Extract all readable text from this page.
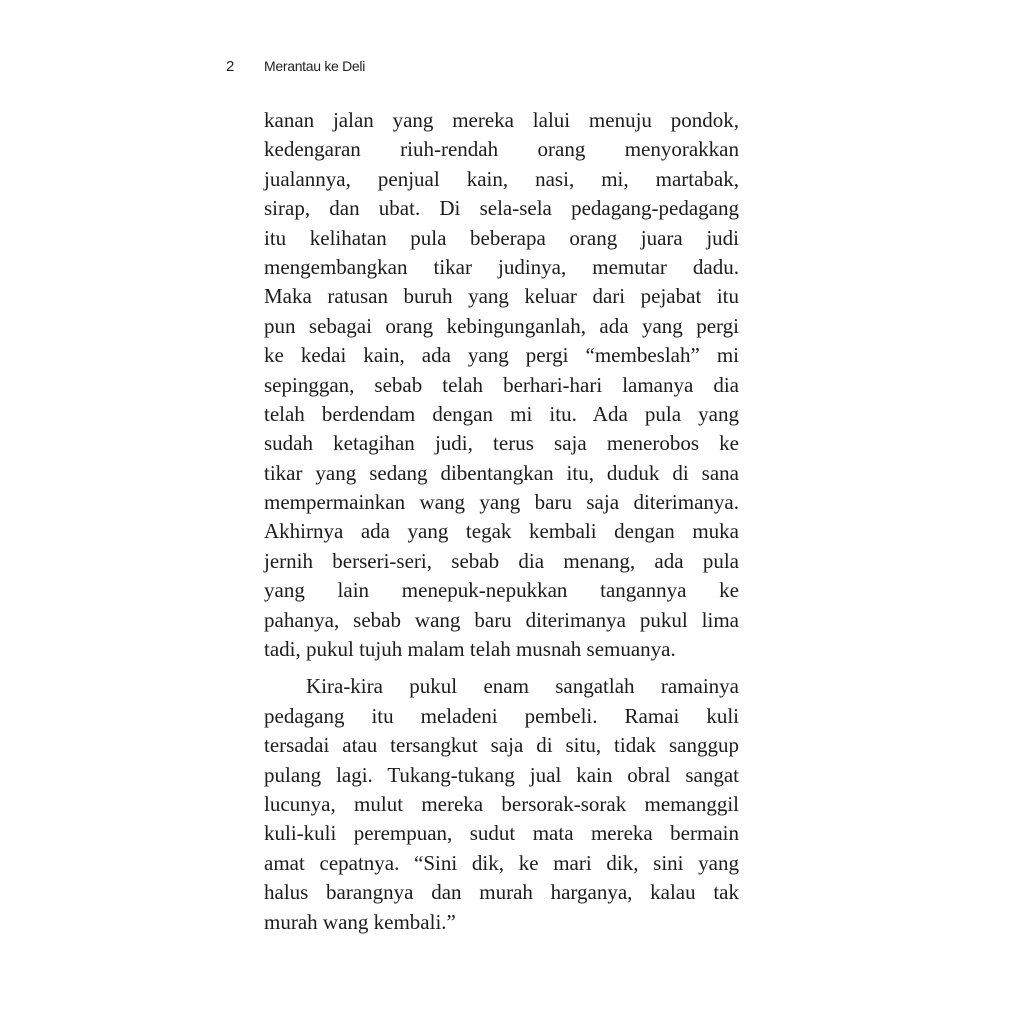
2 Merantau ke Deli
kanan jalan yang mereka lalui menuju pondok,
kedengaran riuh-rendah orang menyorakkan
jualannya, penjual kain, nasi, mi, martabak,
sirap, dan ubat. Di sela-sela pedagang-pedagang
itu kelihatan pula beberapa orang juara judi
mengembangkan tikar judinya, memutar dadu.
Maka ratusan buruh yang keluar dari pejabat itu
pun sebagai orang kebingunganlah, ada yang pergi
ke kedai kain, ada yang pergi “membeslah” mi
sepinggan, sebab telah berhari-hari lamanya dia
telah berdendam dengan mi itu. Ada pula yang
sudah ketagihan judi, terus saja menerobos ke
tikar yang sedang dibentangkan itu, duduk di sana
mempermainkan wang yang baru saja diterimanya.
Akhirnya ada yang tegak kembali dengan muka
jernih berseri-seri, sebab dia menang, ada pula
yang lain menepuk-nepukkan tangannya ke
pahanya, sebab wang baru diterimanya pukul lima
tadi, pukul tujuh malam telah musnah semuanya.
Kira-kira pukul enam sangatlah ramainya
pedagang itu meladeni pembeli. Ramai kuli
tersadai atau tersangkut saja di situ, tidak sanggup
pulang lagi. Tukang-tukang jual kain obral sangat
lucunya, mulut mereka bersorak-sorak memanggil
kuli-kuli perempuan, sudut mata mereka bermain
amat cepatnya. “Sini dik, ke mari dik, sini yang
halus barangnya dan murah harganya, kalau tak
murah wang kembali.”
